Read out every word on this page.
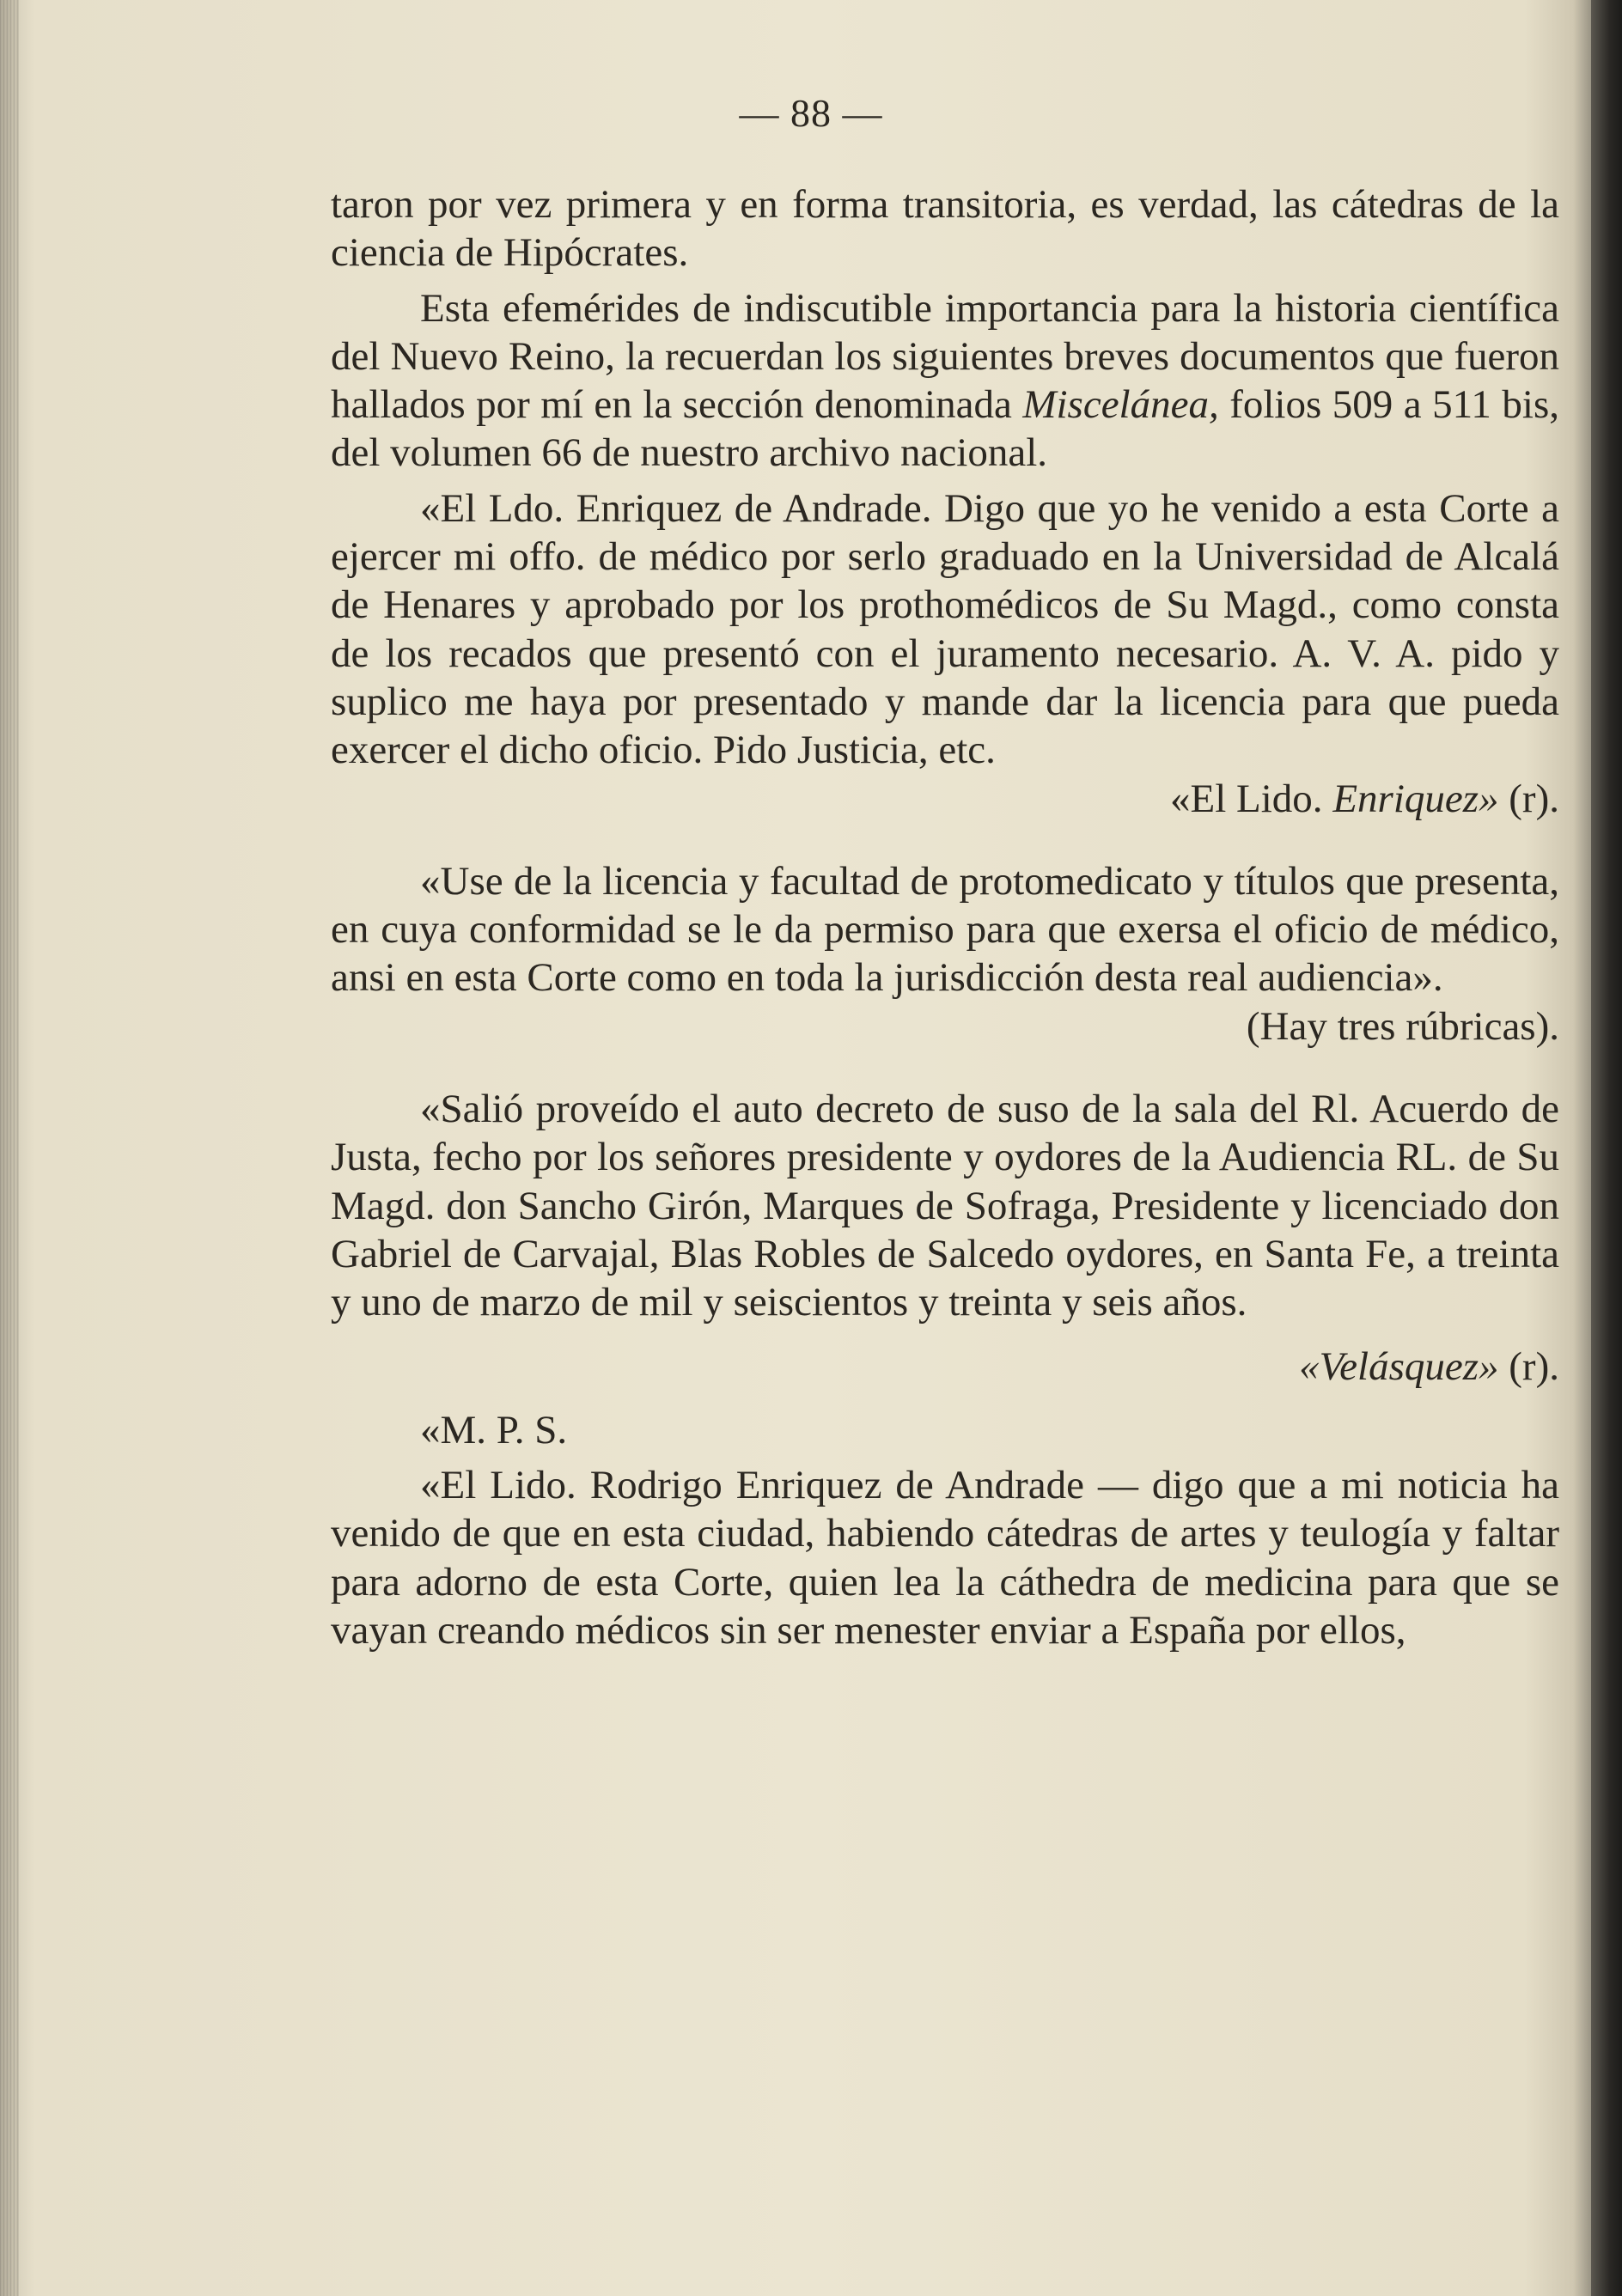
— 88 —

taron por vez primera y en forma transitoria, es verdad, las cátedras de la ciencia de Hipócrates.

Esta efemérides de indiscutible importancia para la historia científica del Nuevo Reino, la recuerdan los siguientes breves documentos que fueron hallados por mí en la sección denominada Miscelánea, folios 509 a 511 bis, del volumen 66 de nuestro archivo nacional.

«El Ldo. Enriquez de Andrade. Digo que yo he venido a esta Corte a ejercer mi offo. de médico por serlo graduado en la Universidad de Alcalá de Henares y aprobado por los prothomédicos de Su Magd., como consta de los recados que presentó con el juramento necesario. A. V. A. pido y suplico me haya por presentado y mande dar la licencia para que pueda exercer el dicho oficio. Pido Justicia, etc.

«El Lido. Enriquez» (r).

«Use de la licencia y facultad de protomedicato y títulos que presenta, en cuya conformidad se le da permiso para que exersa el oficio de médico, ansi en esta Corte como en toda la jurisdicción desta real audiencia».

(Hay tres rúbricas).

«Salió proveído el auto decreto de suso de la sala del Rl. Acuerdo de Justa, fecho por los señores presidente y oydores de la Audiencia RL. de Su Magd. don Sancho Girón, Marques de Sofraga, Presidente y licenciado don Gabriel de Carvajal, Blas Robles de Salcedo oydores, en Santa Fe, a treinta y uno de marzo de mil y seiscientos y treinta y seis años.

«Velásquez» (r).

«M. P. S.

«El Lido. Rodrigo Enriquez de Andrade — digo que a mi noticia ha venido de que en esta ciudad, habiendo cátedras de artes y teulogía y faltar para adorno de esta Corte, quien lea la cáthedra de medicina para que se vayan creando médicos sin ser menester enviar a España por ellos,
